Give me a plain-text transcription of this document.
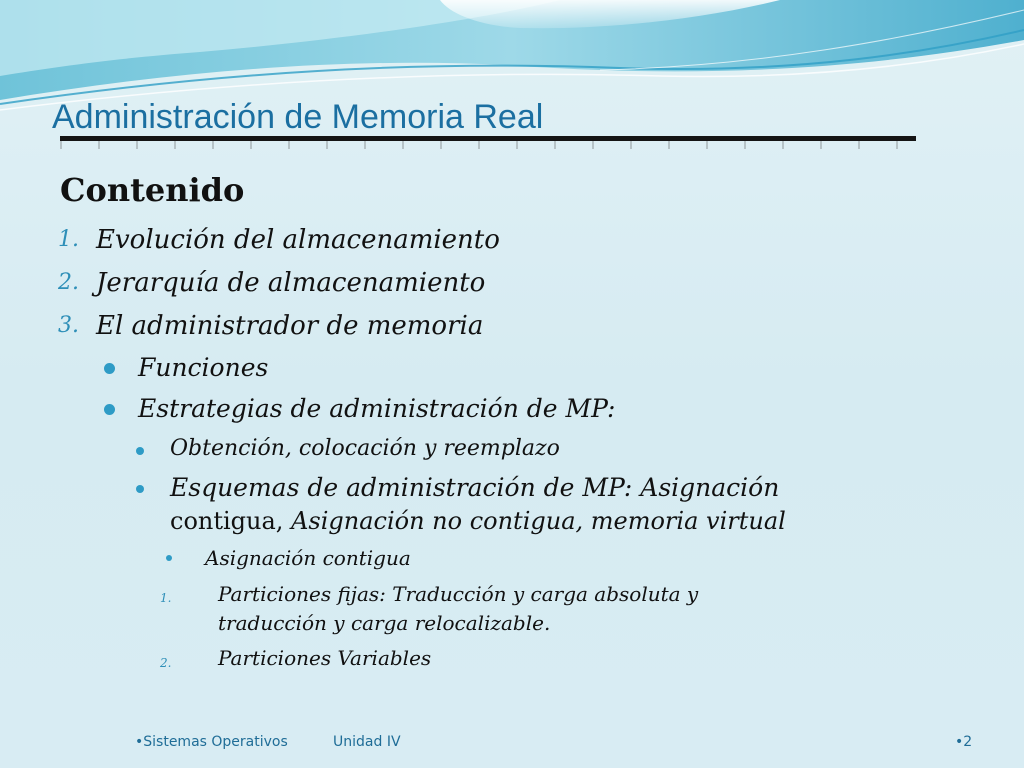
Administración de Memoria Real
Contenido
1. Evolución del almacenamiento
2. Jerarquía de almacenamiento
3. El administrador de memoria
Funciones
Estrategias de administración de MP:
Obtención, colocación y reemplazo
Esquemas de administración de MP: Asignación
contigua, Asignación no contigua, memoria virtual
Asignación contigua
1. Particiones fijas: Traducción y carga absoluta y
traducción y carga relocalizable.
2. Particiones Variables
•Sistemas Operativos	Unidad IV	•2
